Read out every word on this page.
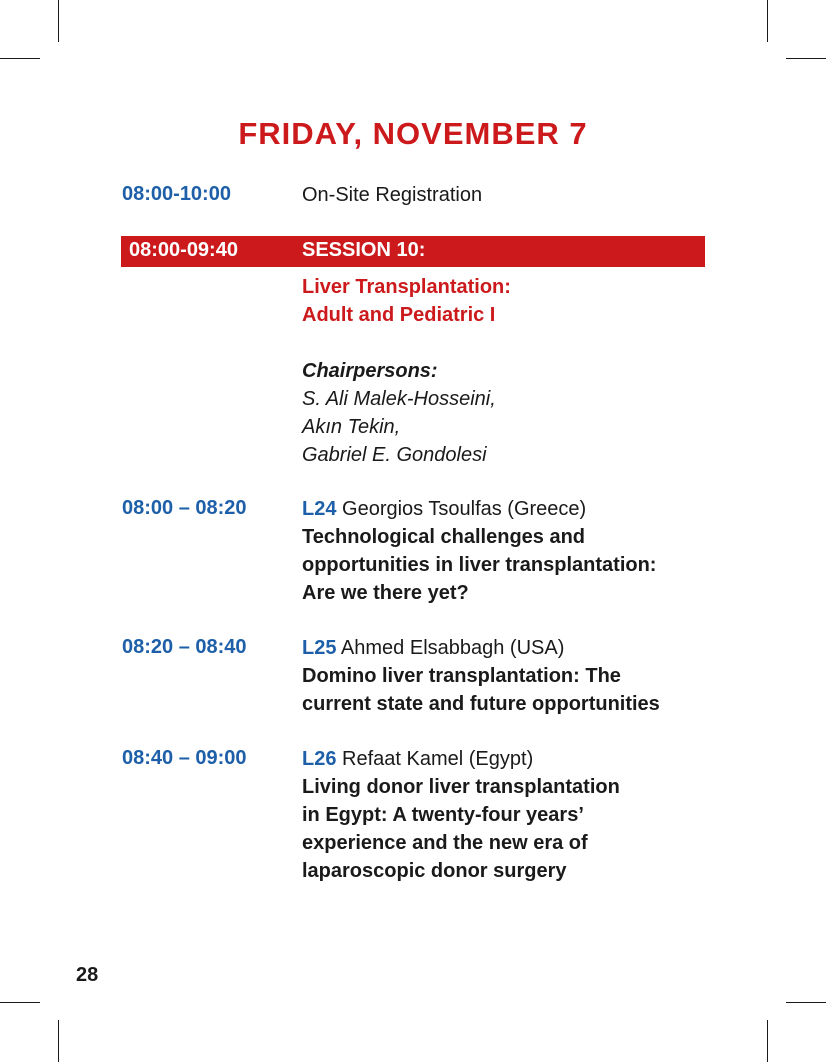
FRIDAY, NOVEMBER 7
08:00-10:00	On-Site Registration
08:00-09:40	SESSION 10:
Liver Transplantation:
Adult and Pediatric I
Chairpersons:
S. Ali Malek-Hosseini,
Akın Tekin,
Gabriel E. Gondolesi
08:00 – 08:20	L24 Georgios Tsoulfas (Greece)
Technological challenges and
opportunities in liver transplantation:
Are we there yet?
08:20 – 08:40	L25 Ahmed Elsabbagh (USA)
Domino liver transplantation: The
current state and future opportunities
08:40 – 09:00	L26 Refaat Kamel (Egypt)
Living donor liver transplantation
in Egypt: A twenty-four years’
experience and the new era of
laparoscopic donor surgery
28
